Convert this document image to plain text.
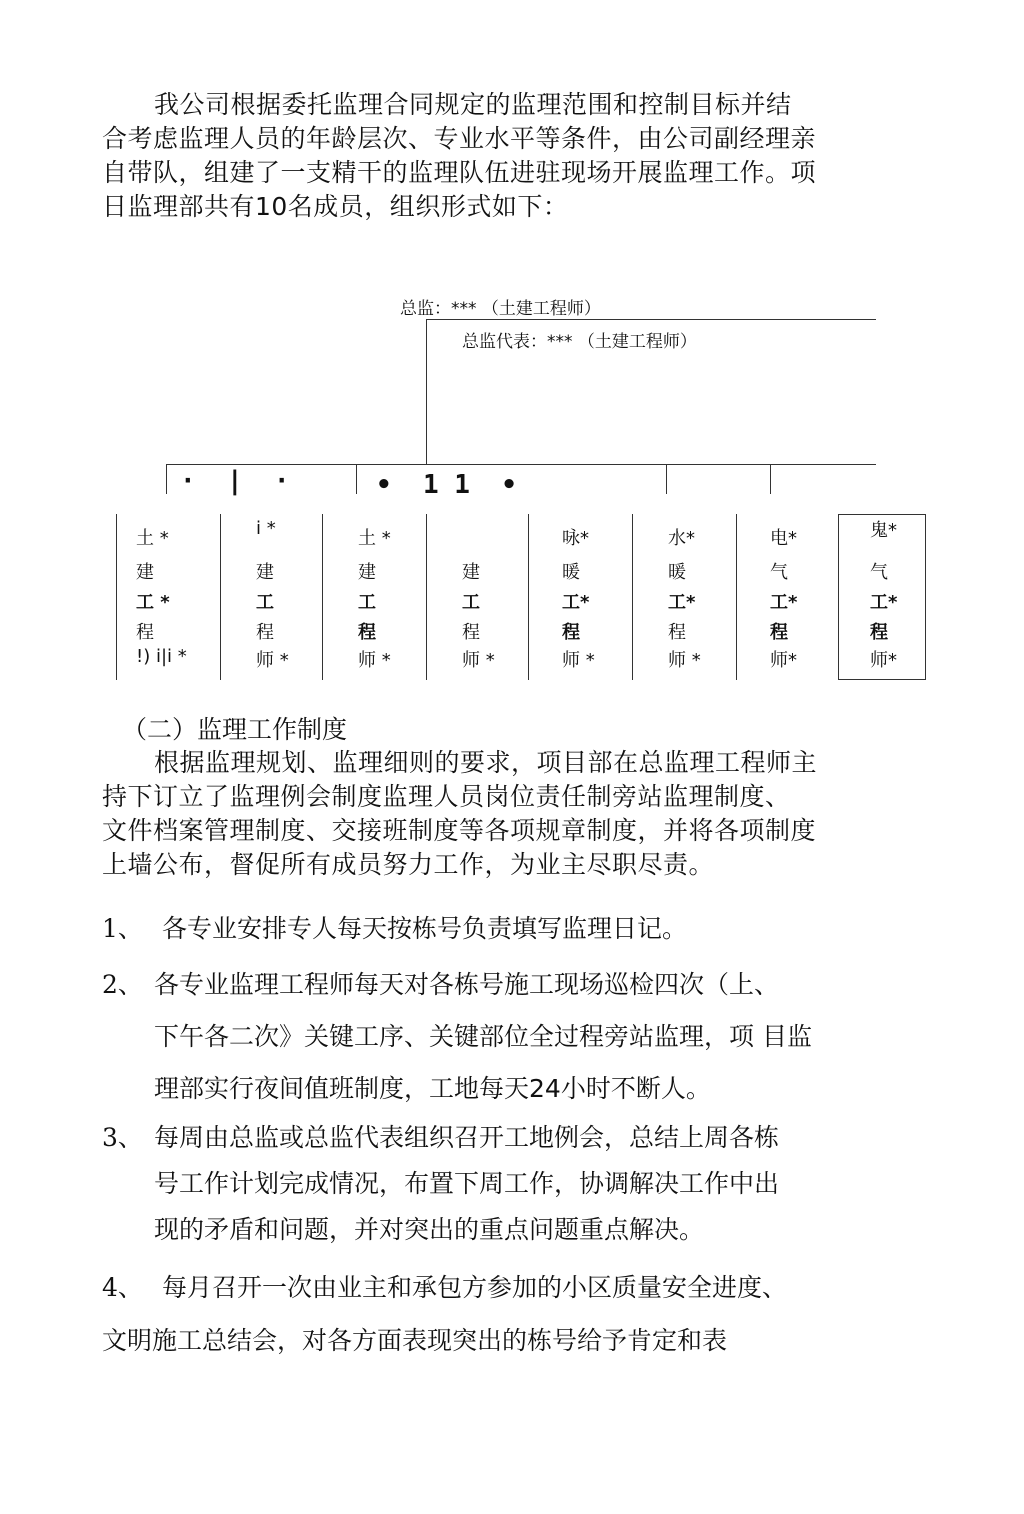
我公司根据委托监理合同规定的监理范围和控制目标并结
合考虑监理人员的年龄层次、专业水平等条件，由公司副经理亲
自带队，组建了一支精干的监理队伍进驻现场开展监理工作。项
日监理部共有10名成员，组织形式如下：
总监：*** （土建工程师）
总监代表：*** （土建工程师）
·  |  ·	•  1 1  •
土 *
建
工 *
程
!) i|i *
i *
建
工
程
师 *
土 *
建
工
程
师 *
建
工
程
师 *
咏*
暖
工*
程
师 *
水*
暖
工*
程
师 *
电*
气
工*
程
师*
鬼*
气
工*
程
师*
（二）监理工作制度
根据监理规划、监理细则的要求，项目部在总监理工程师主
持下订立了监理例会制度监理人员岗位责任制旁站监理制度、
文件档案管理制度、交接班制度等各项规章制度，并将各项制度
上墙公布，督促所有成员努力工作，为业主尽职尽责。
1、 各专业安排专人每天按栋号负责填写监理日记。
2、 各专业监理工程师每天对各栋号施工现场巡检四次（上、
下午各二次》关键工序、关键部位全过程旁站监理，项 目监
理部实行夜间值班制度，工地每天24小时不断人。
3、 每周由总监或总监代表组织召开工地例会，总结上周各栋
号工作计划完成情况，布置下周工作，协调解决工作中出
现的矛盾和问题，并对突出的重点问题重点解决。
4、 每月召开一次由业主和承包方参加的小区质量安全进度、
文明施工总结会，对各方面表现突出的栋号给予肯定和表
